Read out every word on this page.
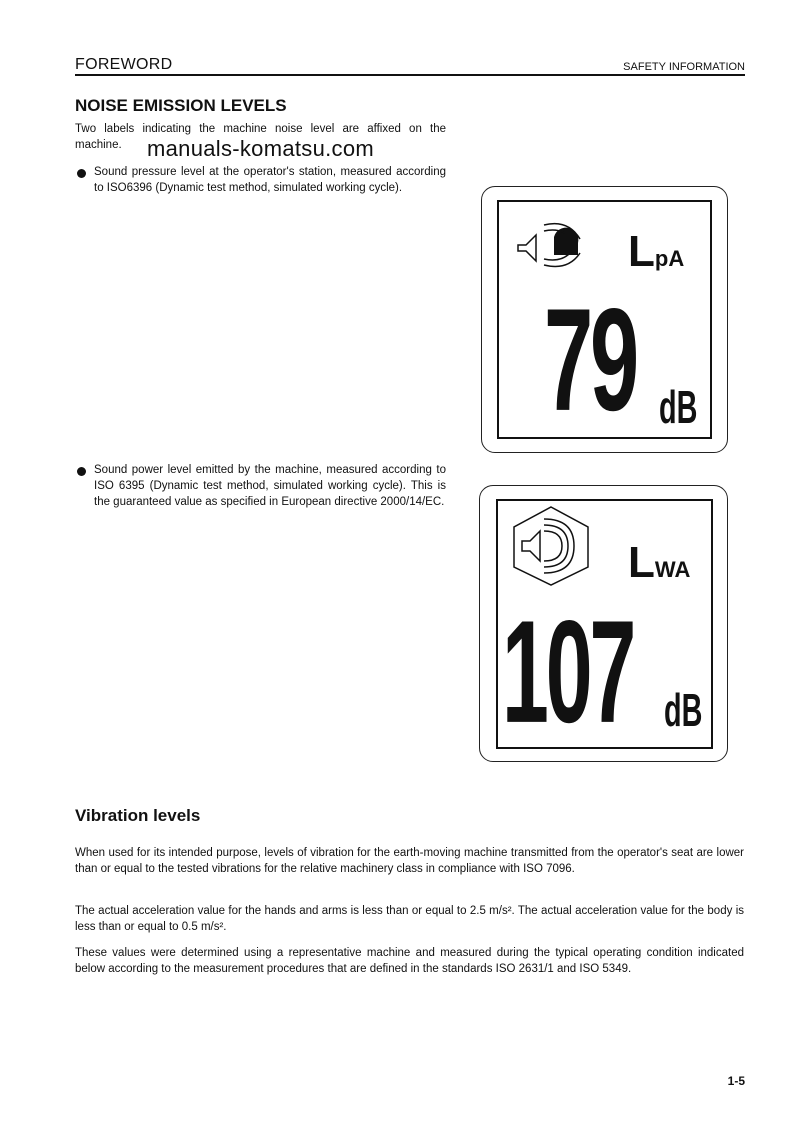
FOREWORD	SAFETY INFORMATION
NOISE EMISSION LEVELS
Two labels indicating the machine noise level are affixed on the machine.	manuals-komatsu.com
Sound pressure level at the operator's station, measured according to ISO6396 (Dynamic test method, simulated working cycle).
Sound power level emitted by the machine, measured according to ISO 6395 (Dynamic test method, simulated working cycle). This is the guaranteed value as specified in European directive 2000/14/EC.
LpA
79 dB
LWA
107 dB
Vibration levels
When used for its intended purpose, levels of vibration for the earth-moving machine transmitted from the operator's seat are lower than or equal to the tested vibrations for the relative machinery class in compliance with ISO 7096.
The actual acceleration value for the hands and arms is less than or equal to 2.5 m/s². The actual acceleration value for the body is less than or equal to 0.5 m/s².
These values were determined using a representative machine and measured during the typical operating condition indicated below according to the measurement procedures that are defined in the standards ISO 2631/1 and ISO 5349.
1-5
